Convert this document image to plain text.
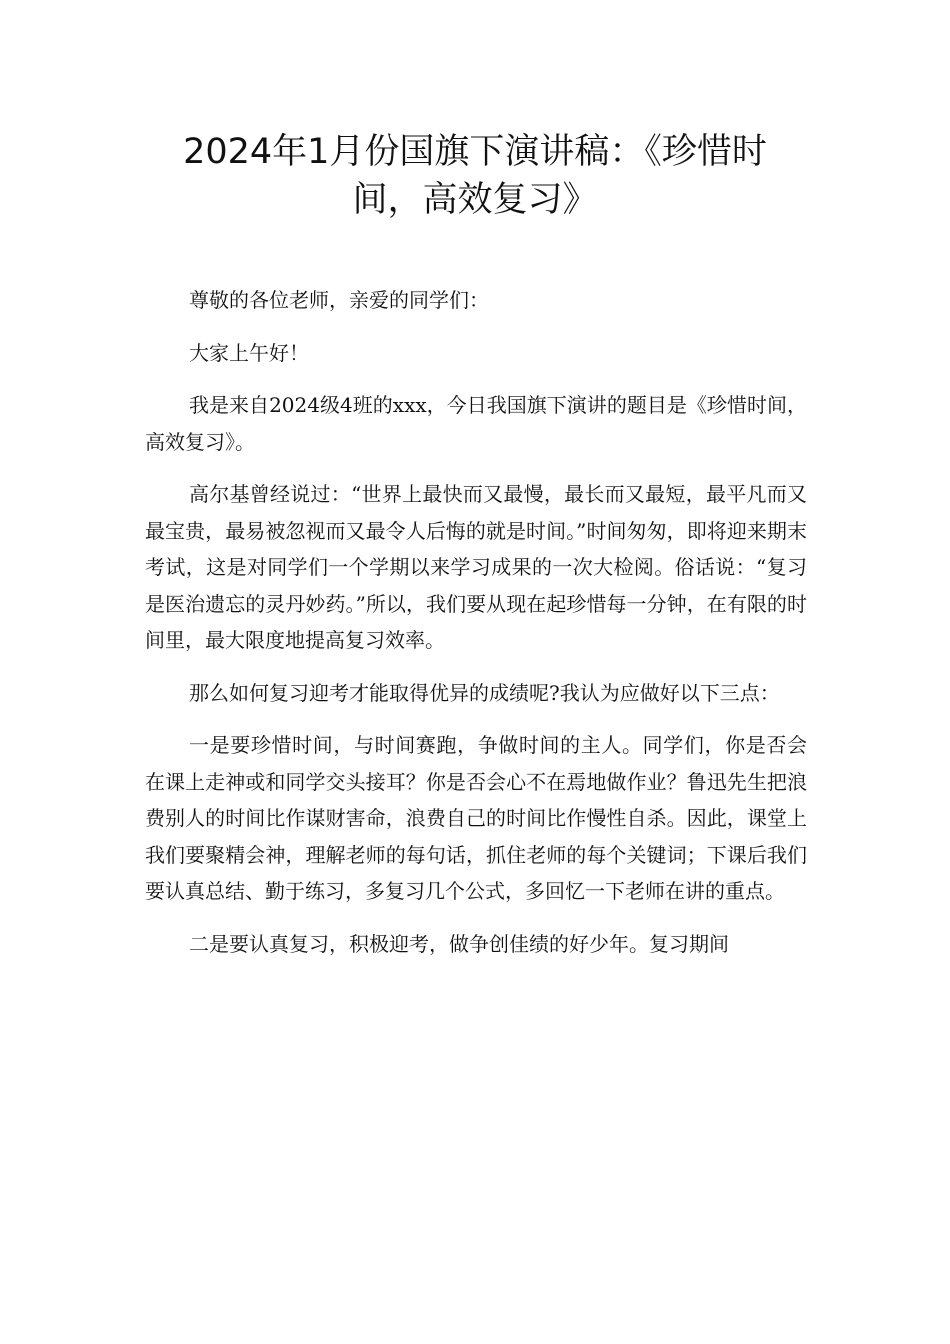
2024年1月份国旗下演讲稿：《珍惜时
间，高效复习》

尊敬的各位老师，亲爱的同学们：

大家上午好！

我是来自2024级4班的xxx，今日我国旗下演讲的题目是《珍惜时间，高效复习》。

高尔基曾经说过：“世界上最快而又最慢，最长而又最短，最平凡而又最宝贵，最易被忽视而又最令人后悔的就是时间。”时间匆匆，即将迎来期末考试，这是对同学们一个学期以来学习成果的一次大检阅。俗话说：“复习是医治遗忘的灵丹妙药。”所以，我们要从现在起珍惜每一分钟，在有限的时间里，最大限度地提高复习效率。

那么如何复习迎考才能取得优异的成绩呢?我认为应做好以下三点：

一是要珍惜时间，与时间赛跑，争做时间的主人。同学们，你是否会在课上走神或和同学交头接耳？你是否会心不在焉地做作业？鲁迅先生把浪费别人的时间比作谋财害命，浪费自己的时间比作慢性自杀。因此，课堂上我们要聚精会神，理解老师的每句话，抓住老师的每个关键词；下课后我们要认真总结、勤于练习，多复习几个公式，多回忆一下老师在讲的重点。

二是要认真复习，积极迎考，做争创佳绩的好少年。复习期间
